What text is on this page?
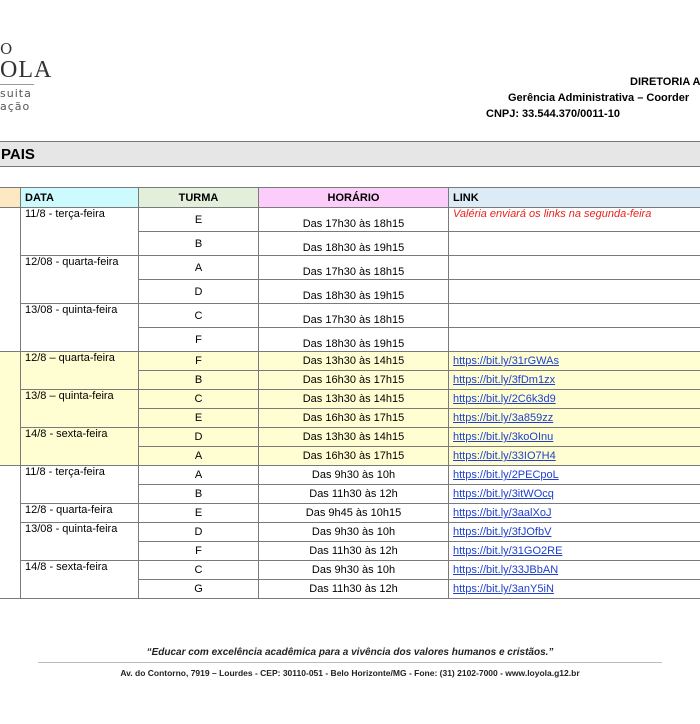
O
OLA
suita
ação
DIRETORIA A
Gerência Administrativa – Coorder
CNPJ: 33.544.370/0011-10
PAIS
	DATA	TURMA	HORÁRIO	LINK
	11/8 - terça-feira	E	Das 17h30 às 18h15	Valéria enviará os links na segunda-feira
		B	Das 18h30 às 19h15	
	12/08 - quarta-feira	A	Das 17h30 às 18h15	
		D	Das 18h30 às 19h15	
	13/08 - quinta-feira	C	Das 17h30 às 18h15	
		F	Das 18h30 às 19h15	
	12/8 – quarta-feira	F	Das 13h30 às 14h15	https://bit.ly/31rGWAs
		B	Das 16h30 às 17h15	https://bit.ly/3fDm1zx
	13/8 – quinta-feira	C	Das 13h30 às 14h15	https://bit.ly/2C6k3d9
		E	Das 16h30 às 17h15	https://bit.ly/3a859zz
	14/8 - sexta-feira	D	Das 13h30 às 14h15	https://bit.ly/3koOInu
		A	Das 16h30 às 17h15	https://bit.ly/33IO7H4
	11/8 - terça-feira	A	Das 9h30 às 10h	https://bit.ly/2PECpoL
		B	Das 11h30 às 12h	https://bit.ly/3itWOcq
	12/8 - quarta-feira	E	Das 9h45 às 10h15	https://bit.ly/3aalXoJ
	13/08 - quinta-feira	D	Das 9h30 às 10h	https://bit.ly/3fJOfbV
		F	Das 11h30 às 12h	https://bit.ly/31GO2RE
	14/8 - sexta-feira	C	Das 9h30 às 10h	https://bit.ly/33JBbAN
		G	Das 11h30 às 12h	https://bit.ly/3anY5iN
“Educar com excelência acadêmica para a vivência dos valores humanos e cristãos.”
Av. do Contorno, 7919 – Lourdes - CEP: 30110-051 - Belo Horizonte/MG - Fone: (31) 2102-7000 - www.loyola.g12.br
